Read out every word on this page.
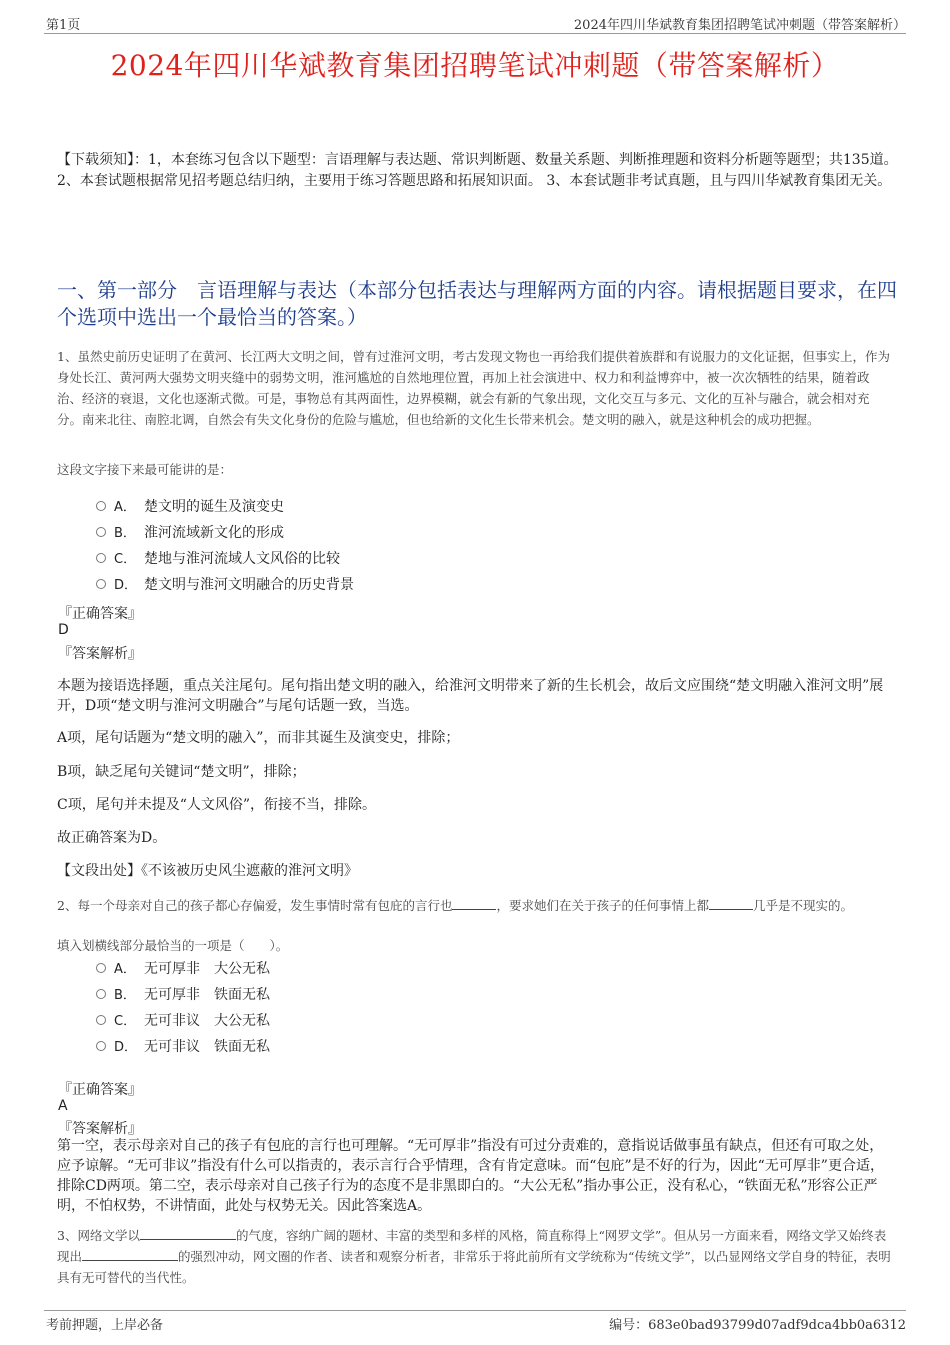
第1页	2024年四川华斌教育集团招聘笔试冲刺题（带答案解析）
2024年四川华斌教育集团招聘笔试冲刺题（带答案解析）
【下载须知】：1，本套练习包含以下题型：言语理解与表达题、常识判断题、数量关系题、判断推理题和资料分析题等题型；共135道。 2、本套试题根据常见招考题总结归纳，主要用于练习答题思路和拓展知识面。 3、本套试题非考试真题，且与四川华斌教育集团无关。
一、第一部分　言语理解与表达（本部分包括表达与理解两方面的内容。请根据题目要求，在四个选项中选出一个最恰当的答案。）
1、虽然史前历史证明了在黄河、长江两大文明之间，曾有过淮河文明，考古发现文物也一再给我们提供着族群和有说服力的文化证据，但事实上，作为身处长江、黄河两大强势文明夹缝中的弱势文明，淮河尴尬的自然地理位置，再加上社会演进中、权力和利益博弈中，被一次次牺牲的结果，随着政治、经济的衰退，文化也逐渐式微。可是，事物总有其两面性，边界模糊，就会有新的气象出现，文化交互与多元、文化的互补与融合，就会相对充分。南来北往、南腔北调，自然会有失文化身份的危险与尴尬，但也给新的文化生长带来机会。楚文明的融入，就是这种机会的成功把握。
这段文字接下来最可能讲的是：
A． 楚文明的诞生及演变史
B． 淮河流域新文化的形成
C． 楚地与淮河流域人文风俗的比较
D． 楚文明与淮河文明融合的历史背景
『正确答案』
D
『答案解析』
本题为接语选择题，重点关注尾句。尾句指出楚文明的融入，给淮河文明带来了新的生长机会，故后文应围绕“楚文明融入淮河文明”展开，D项“楚文明与淮河文明融合”与尾句话题一致，当选。
A项，尾句话题为“楚文明的融入”，而非其诞生及演变史，排除；
B项，缺乏尾句关键词“楚文明”，排除；
C项，尾句并未提及“人文风俗”，衔接不当，排除。
故正确答案为D。
【文段出处】《不该被历史风尘遮蔽的淮河文明》
2、每一个母亲对自己的孩子都心存偏爱，发生事情时常有包庇的言行也	，要求她们在关于孩子的任何事情上都	几乎是不现实的。
填入划横线部分最恰当的一项是（　　）。
A． 无可厚非　大公无私
B． 无可厚非　铁面无私
C． 无可非议　大公无私
D． 无可非议　铁面无私
『正确答案』
A
『答案解析』
第一空，表示母亲对自己的孩子有包庇的言行也可理解。“无可厚非”指没有可过分责难的，意指说话做事虽有缺点，但还有可取之处，应予谅解。“无可非议”指没有什么可以指责的，表示言行合乎情理，含有肯定意味。而“包庇”是不好的行为，因此“无可厚非”更合适，排除CD两项。第二空，表示母亲对自己孩子行为的态度不是非黑即白的。“大公无私”指办事公正，没有私心，“铁面无私”形容公正严明，不怕权势，不讲情面，此处与权势无关。因此答案选A。
3、网络文学以	的气度，容纳广阔的题材、丰富的类型和多样的风格，简直称得上“网罗文学”。但从另一方面来看，网络文学又始终表现出	的强烈冲动，网文圈的作者、读者和观察分析者，非常乐于将此前所有文学统称为“传统文学”，以凸显网络文学自身的特征，表明具有无可替代的当代性。
考前押题，上岸必备	编号：683e0bad93799d07adf9dca4bb0a6312
